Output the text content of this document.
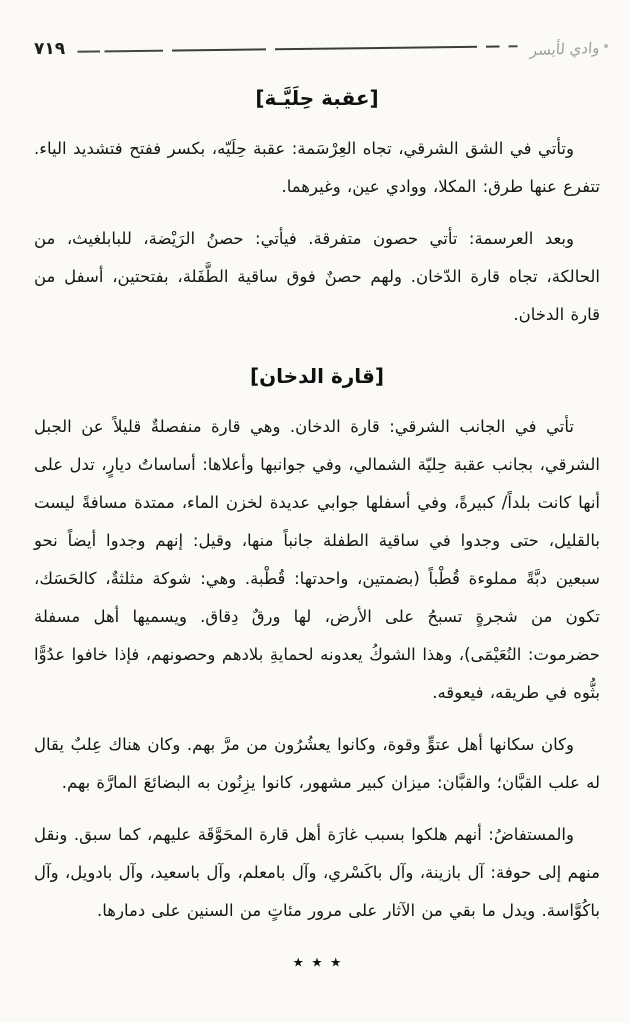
وادي لأيسر
٧١٩
[عقبة حِلَيَّـة]

وتأتي في الشق الشرقي، تجاه العِرْسَمة: عقبة حِلَيّه، بكسر ففتح فتشديد الياء. تتفرع عنها طرق: المكلا، ووادي عين، وغيرهما.

وبعد العرسمة: تأتي حصون متفرقة. فيأتي: حصنُ الرَيْضة، للبابلغيث، من الحالكة، تجاه قارة الدّخان. ولهم حصنٌ فوق ساقية الطَّفَلة، بفتحتين، أسفل من قارة الدخان.

[قارة الدخان]

تأتي في الجانب الشرقي: قارة الدخان. وهي قارة منفصلةٌ قليلاً عن الجبل الشرقي، بجانب عقبة حِليّة الشمالي، وفي جوانبها وأعلاها: أساساتُ ديارٍ، تدل على أنها كانت بلداً/ كبيرةً، وفي أسفلها جوابي عديدة لخزن الماء، ممتدة مسافةً ليست بالقليل، حتى وجدوا في ساقية الطفلة جانباً منها، وقيل: إنهم وجدوا أيضاً نحو سبعين دبَّةً مملوءة قُطْباً (بضمتين، واحدتها: قُطْبة. وهي: شوكة مثلثةٌ، كالحَسَك، تكون من شجرةٍ تسبحُ على الأرض، لها ورقٌ دِقاق. ويسميها أهل مسفلة حضرموت: النُعَيْمَى)، وهذا الشوكُ يعدونه لحمايةِ بلادهم وحصونهم، فإذا خافوا عدُوًّا بثُّوه في طريقه، فيعوقه.

وكان سكانها أهل عتوٍّ وقوة، وكانوا يعشُرُون من مرَّ بهم. وكان هناك عِلبٌ يقال له علب القبَّان؛ والقبَّان: ميزان كبير مشهور، كانوا يزِنُون به البضائعَ المارَّة بهم.

والمستفاضُ: أنهم هلكوا بسبب غارَة أهل قارة المحَوَّقَة عليهم، كما سبق. ونقل منهم إلى حوفة: آل بازينة، وآل باكَسْري، وآل بامعلم، وآل باسعيد، وآل بادويل، وآل باكُوَّاسة. ويدل ما بقي من الآثار على مرور مئاتٍ من السنين على دمارها.

٭ ٭ ٭
